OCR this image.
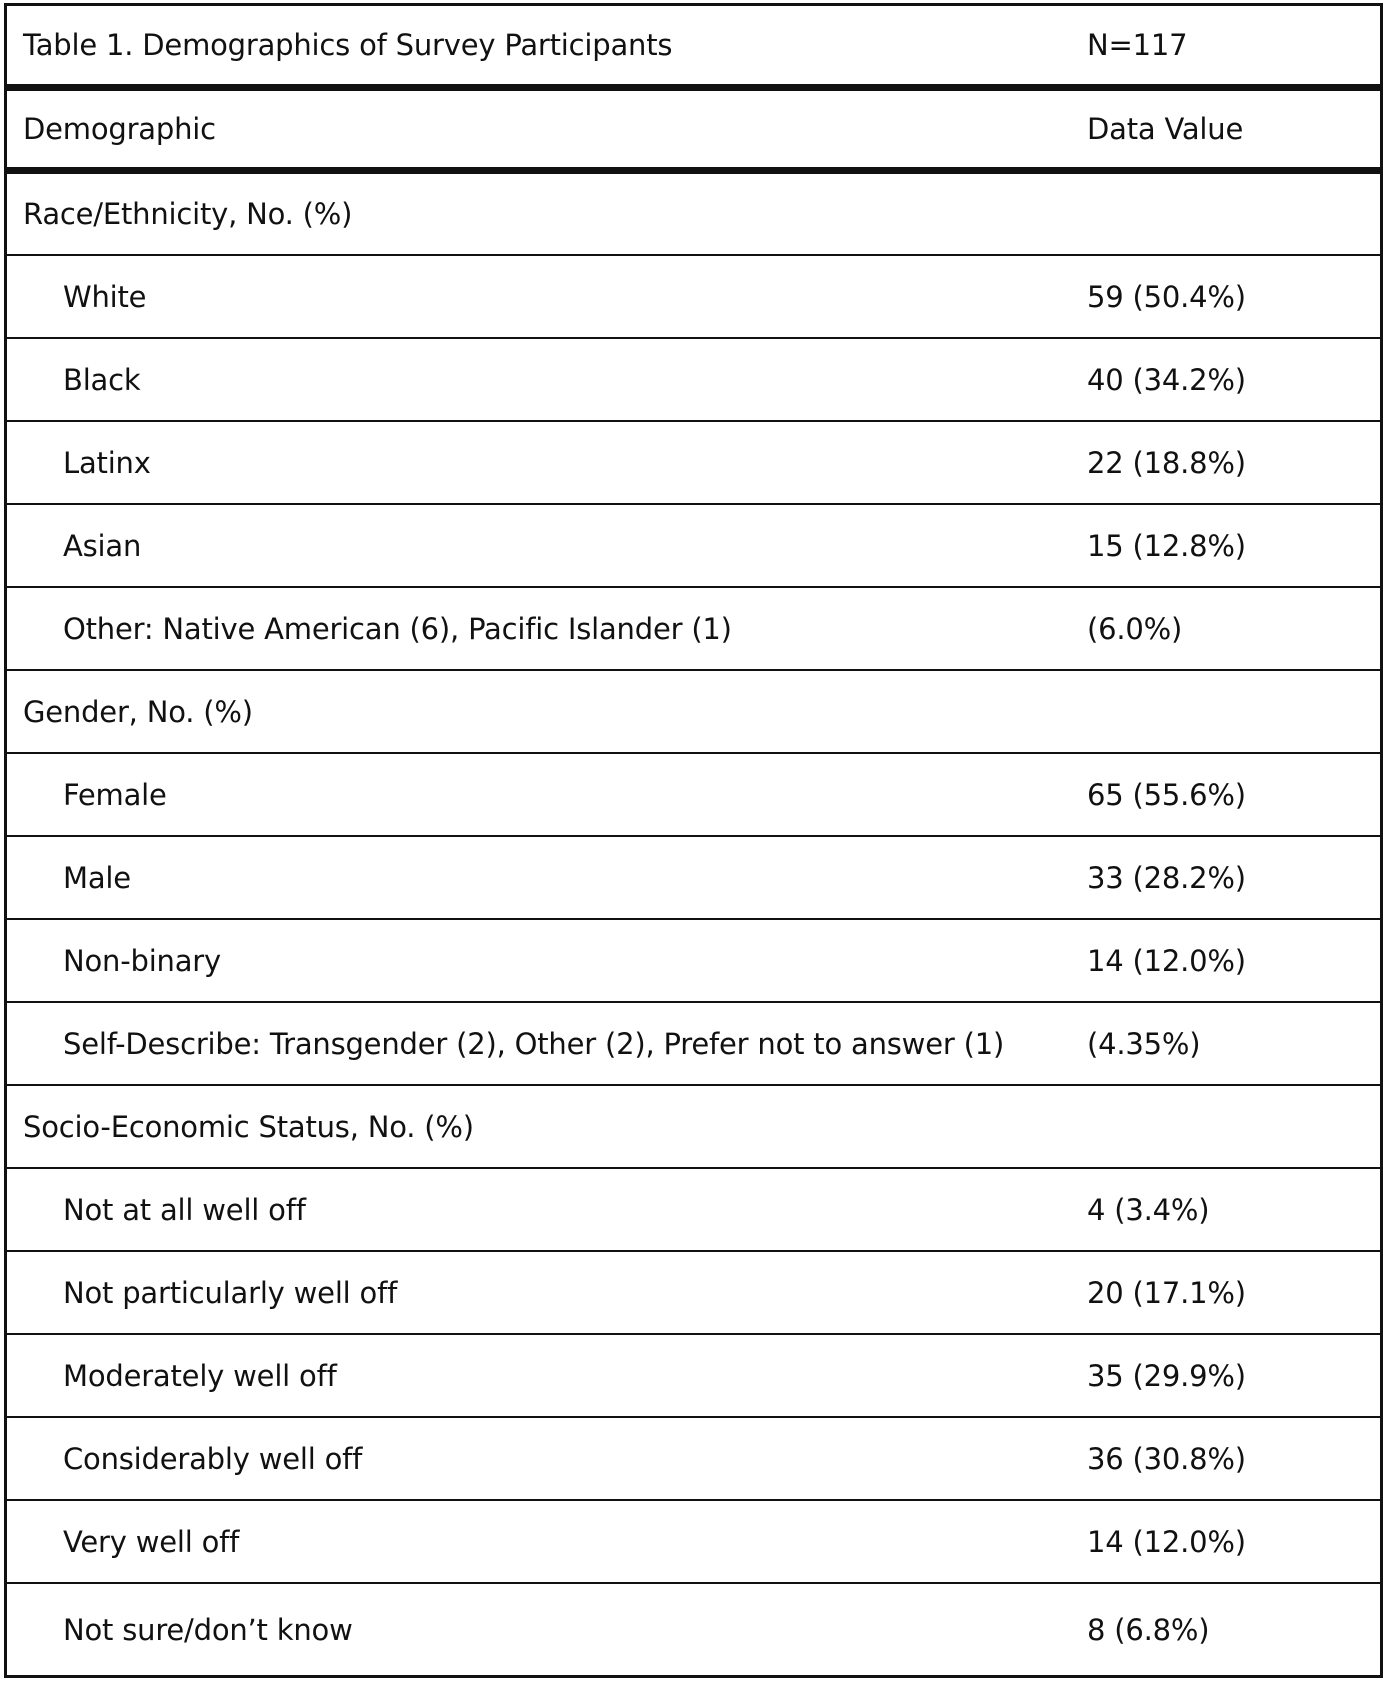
Table 1. Demographics of Survey Participants	N=117
Demographic	Data Value
Race/Ethnicity, No. (%)
White	59 (50.4%)
Black	40 (34.2%)
Latinx	22 (18.8%)
Asian	15 (12.8%)
Other: Native American (6), Pacific Islander (1)	(6.0%)
Gender, No. (%)
Female	65 (55.6%)
Male	33 (28.2%)
Non-binary	14 (12.0%)
Self-Describe: Transgender (2), Other (2), Prefer not to answer (1)	(4.35%)
Socio-Economic Status, No. (%)
Not at all well off	4 (3.4%)
Not particularly well off	20 (17.1%)
Moderately well off	35 (29.9%)
Considerably well off	36 (30.8%)
Very well off	14 (12.0%)
Not sure/don’t know	8 (6.8%)
